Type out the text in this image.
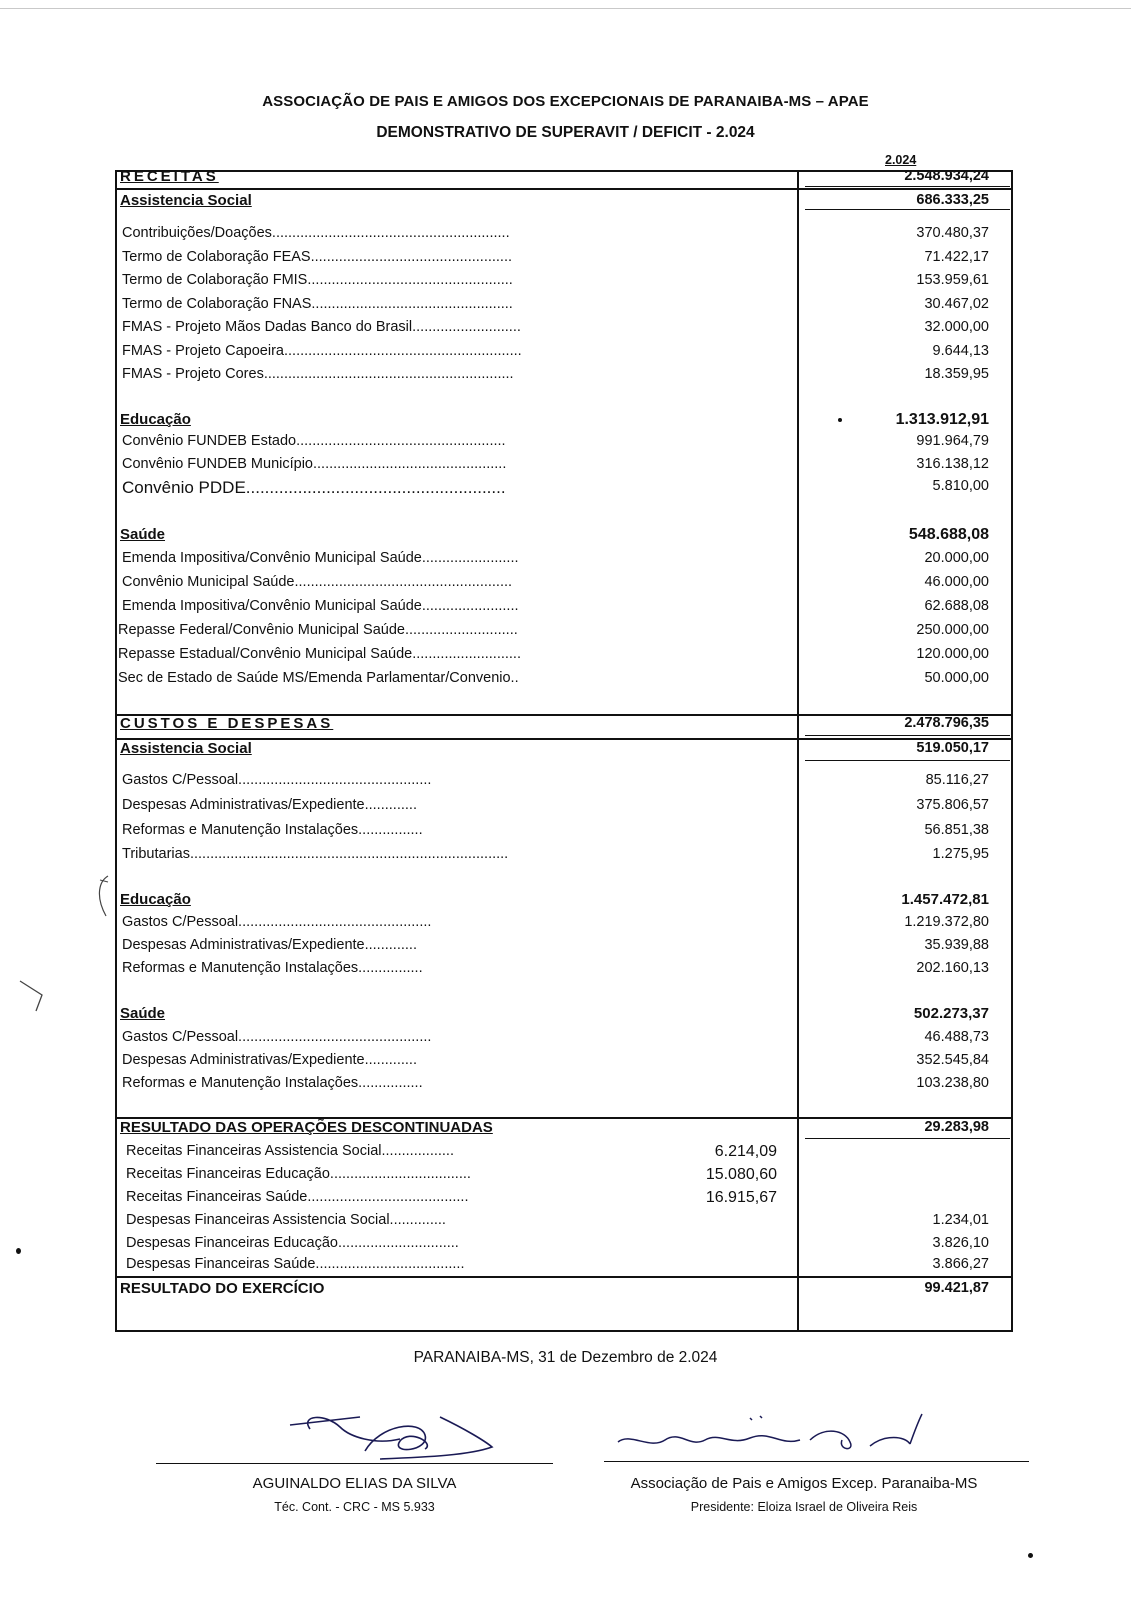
ASSOCIAÇÃO DE PAIS E AMIGOS DOS EXCEPCIONAIS DE PARANAIBA-MS – APAE
DEMONSTRATIVO DE SUPERAVIT / DEFICIT - 2.024
2.024
RECEITAS	2.548.934,24
Assistencia Social	686.333,25
Contribuições/Doações...........................................................	370.480,37
Termo de Colaboração FEAS..................................................	71.422,17
Termo de Colaboração FMIS...................................................	153.959,61
Termo de Colaboração FNAS..................................................	30.467,02
FMAS - Projeto Mãos Dadas Banco do Brasil...........................	32.000,00
FMAS - Projeto Capoeira...........................................................	9.644,13
FMAS - Projeto Cores..............................................................	18.359,95
Educação	1.313.912,91
Convênio FUNDEB Estado....................................................	991.964,79
Convênio FUNDEB Município................................................	316.138,12
Convênio PDDE.......................................................	5.810,00
Saúde	548.688,08
Emenda Impositiva/Convênio Municipal Saúde........................	20.000,00
Convênio Municipal Saúde......................................................	46.000,00
Emenda Impositiva/Convênio Municipal Saúde........................	62.688,08
Repasse Federal/Convênio Municipal Saúde............................	250.000,00
Repasse Estadual/Convênio Municipal Saúde...........................	120.000,00
Sec de Estado de Saúde MS/Emenda Parlamentar/Convenio..	50.000,00
CUSTOS E DESPESAS	2.478.796,35
Assistencia Social	519.050,17
Gastos C/Pessoal................................................	85.116,27
Despesas Administrativas/Expediente.............	375.806,57
Reformas e Manutenção Instalações................	56.851,38
Tributarias...............................................................................	1.275,95
Educação	1.457.472,81
Gastos C/Pessoal................................................	1.219.372,80
Despesas Administrativas/Expediente.............	35.939,88
Reformas e Manutenção Instalações................	202.160,13
Saúde	502.273,37
Gastos C/Pessoal................................................	46.488,73
Despesas Administrativas/Expediente.............	352.545,84
Reformas e Manutenção Instalações................	103.238,80
RESULTADO DAS OPERAÇÕES DESCONTINUADAS	29.283,98
Receitas Financeiras Assistencia Social..................	6.214,09
Receitas Financeiras Educação...................................	15.080,60
Receitas Financeiras Saúde........................................	16.915,67
Despesas Financeiras Assistencia Social..............	1.234,01
Despesas Financeiras Educação..............................	3.826,10
Despesas Financeiras Saúde.....................................	3.866,27
RESULTADO DO EXERCÍCIO	99.421,87
PARANAIBA-MS, 31 de Dezembro de 2.024
AGUINALDO ELIAS DA SILVA
Téc. Cont. - CRC - MS 5.933
Associação de Pais e Amigos Excep. Paranaiba-MS
Presidente: Eloiza Israel de Oliveira Reis
